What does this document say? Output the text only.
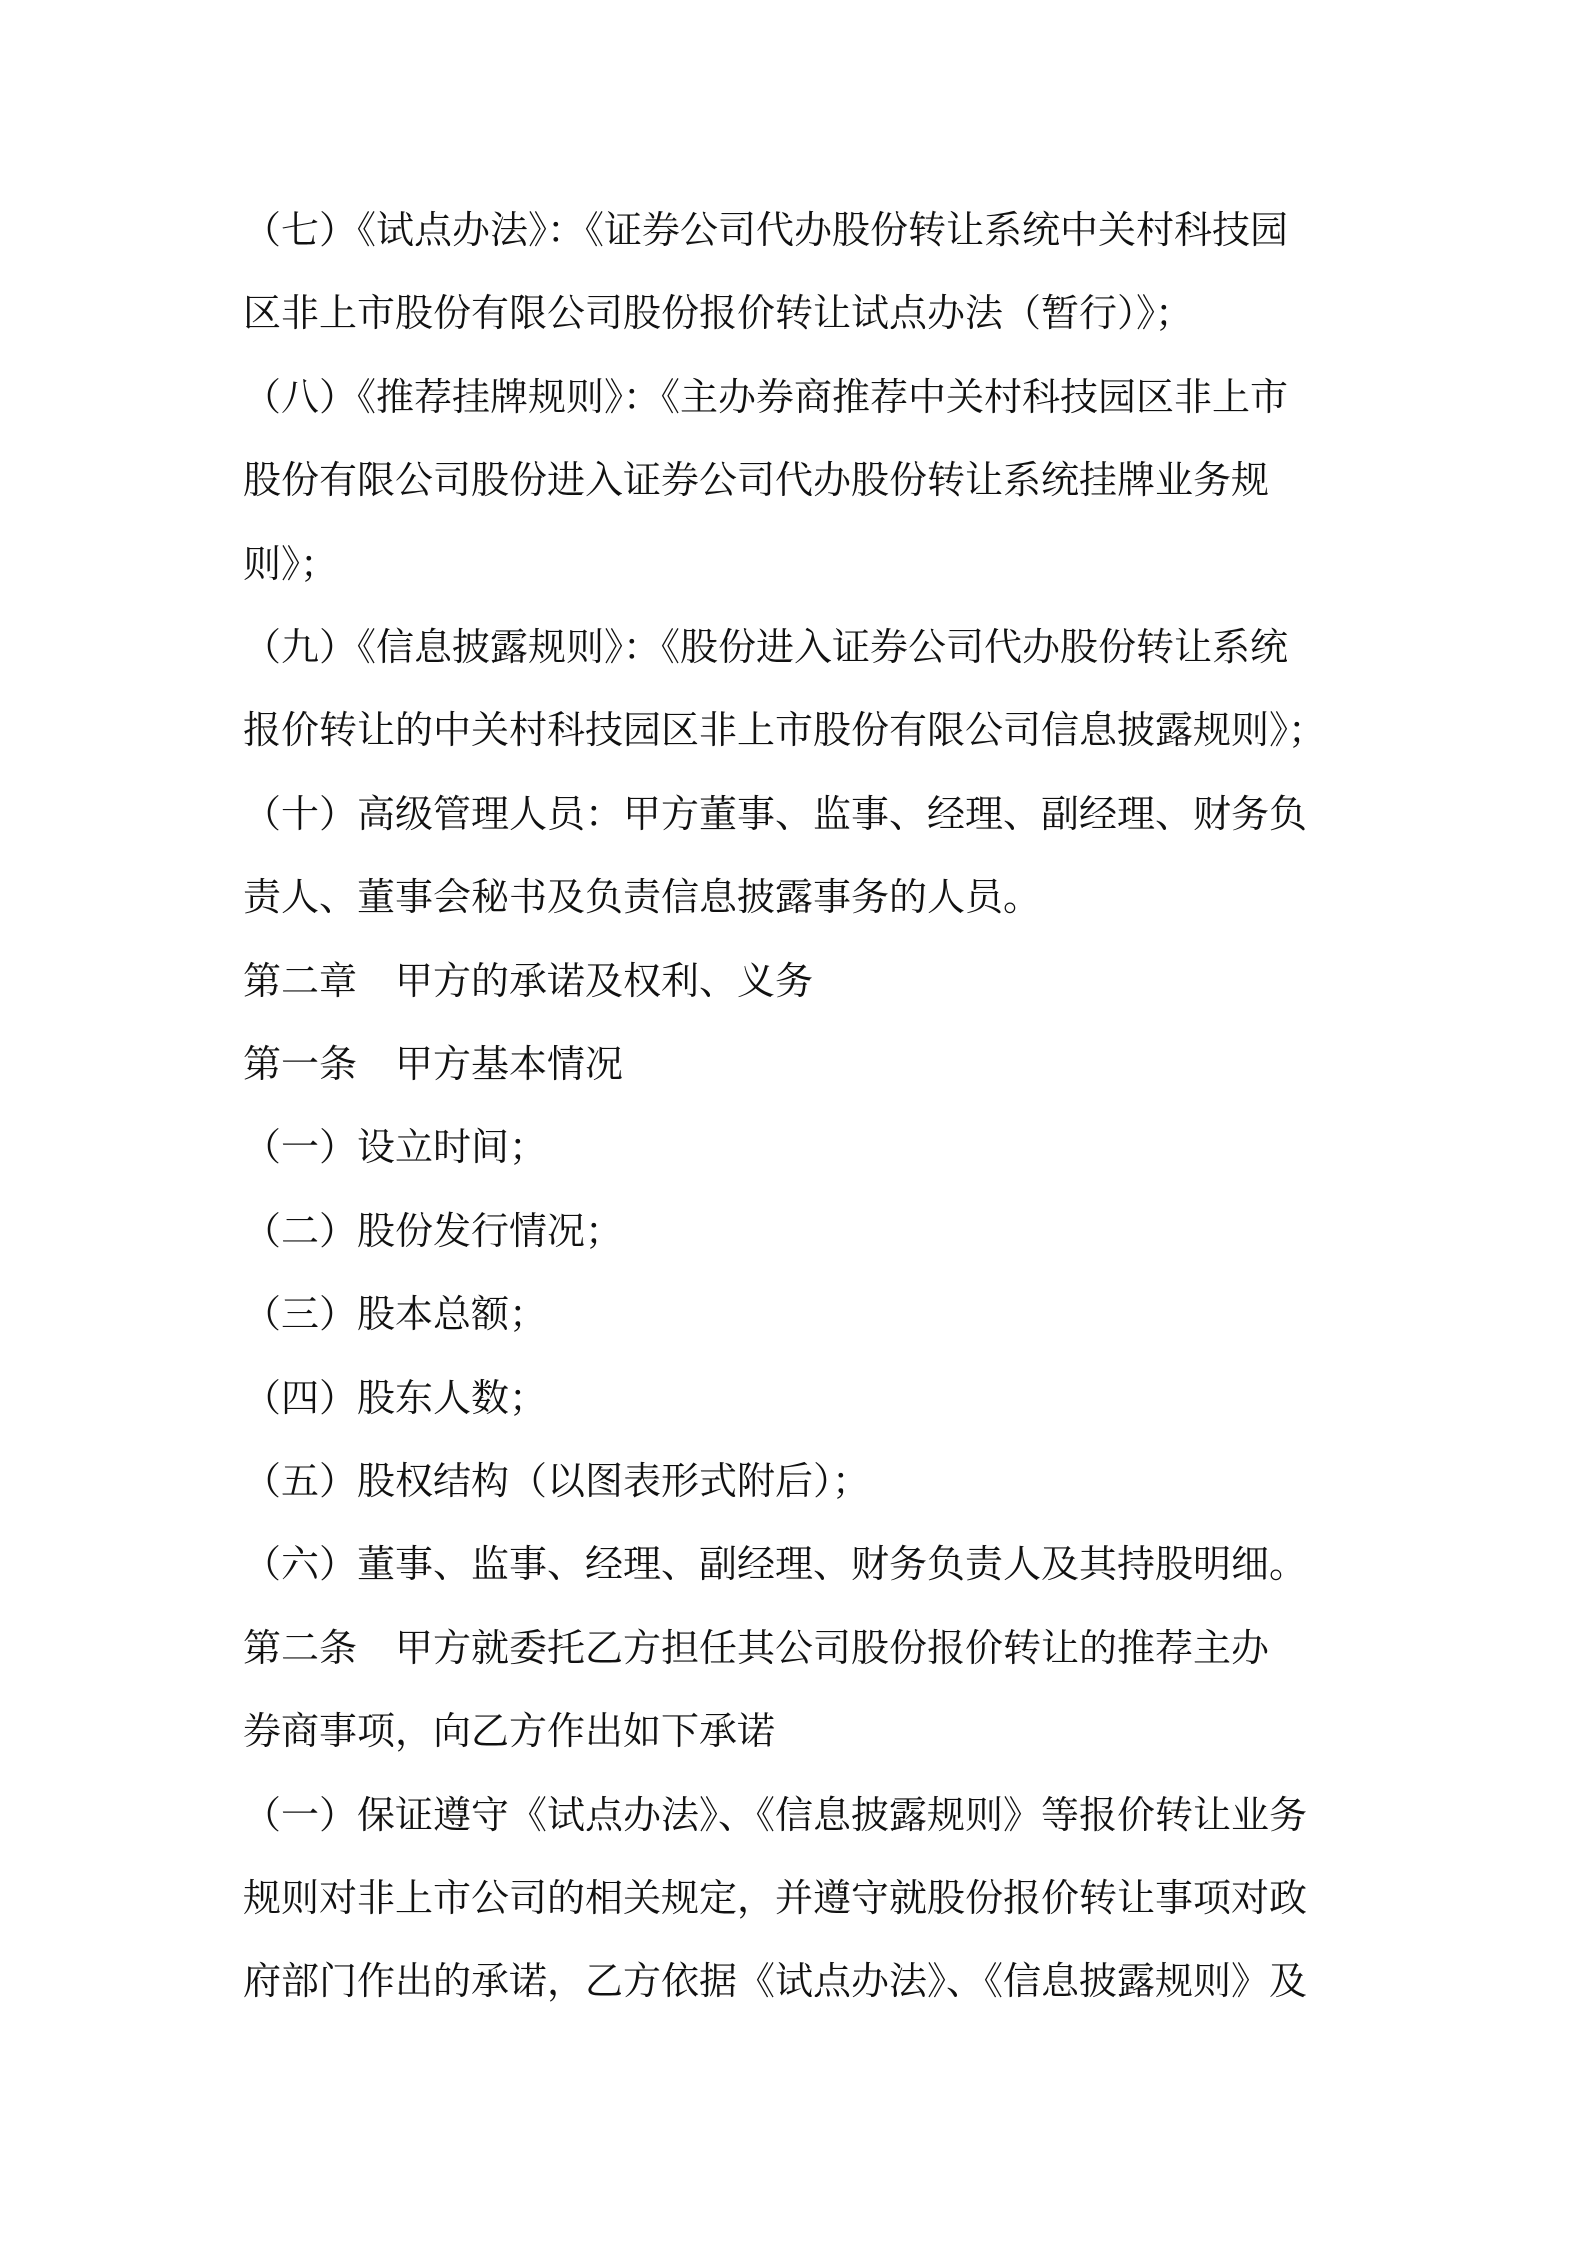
（七）《试点办法》：《证券公司代办股份转让系统中关村科技园
区非上市股份有限公司股份报价转让试点办法（暂行）》；
（八）《推荐挂牌规则》：《主办券商推荐中关村科技园区非上市
股份有限公司股份进入证券公司代办股份转让系统挂牌业务规
则》；
（九）《信息披露规则》：《股份进入证券公司代办股份转让系统
报价转让的中关村科技园区非上市股份有限公司信息披露规则》；
（十）高级管理人员：甲方董事、监事、经理、副经理、财务负
责人、董事会秘书及负责信息披露事务的人员。
第二章　甲方的承诺及权利、义务
第一条　甲方基本情况
（一）设立时间；
（二）股份发行情况；
（三）股本总额；
（四）股东人数；
（五）股权结构（以图表形式附后）；
（六）董事、监事、经理、副经理、财务负责人及其持股明细。
第二条　甲方就委托乙方担任其公司股份报价转让的推荐主办
券商事项，向乙方作出如下承诺
（一）保证遵守《试点办法》、《信息披露规则》等报价转让业务
规则对非上市公司的相关规定，并遵守就股份报价转让事项对政
府部门作出的承诺，乙方依据《试点办法》、《信息披露规则》及
